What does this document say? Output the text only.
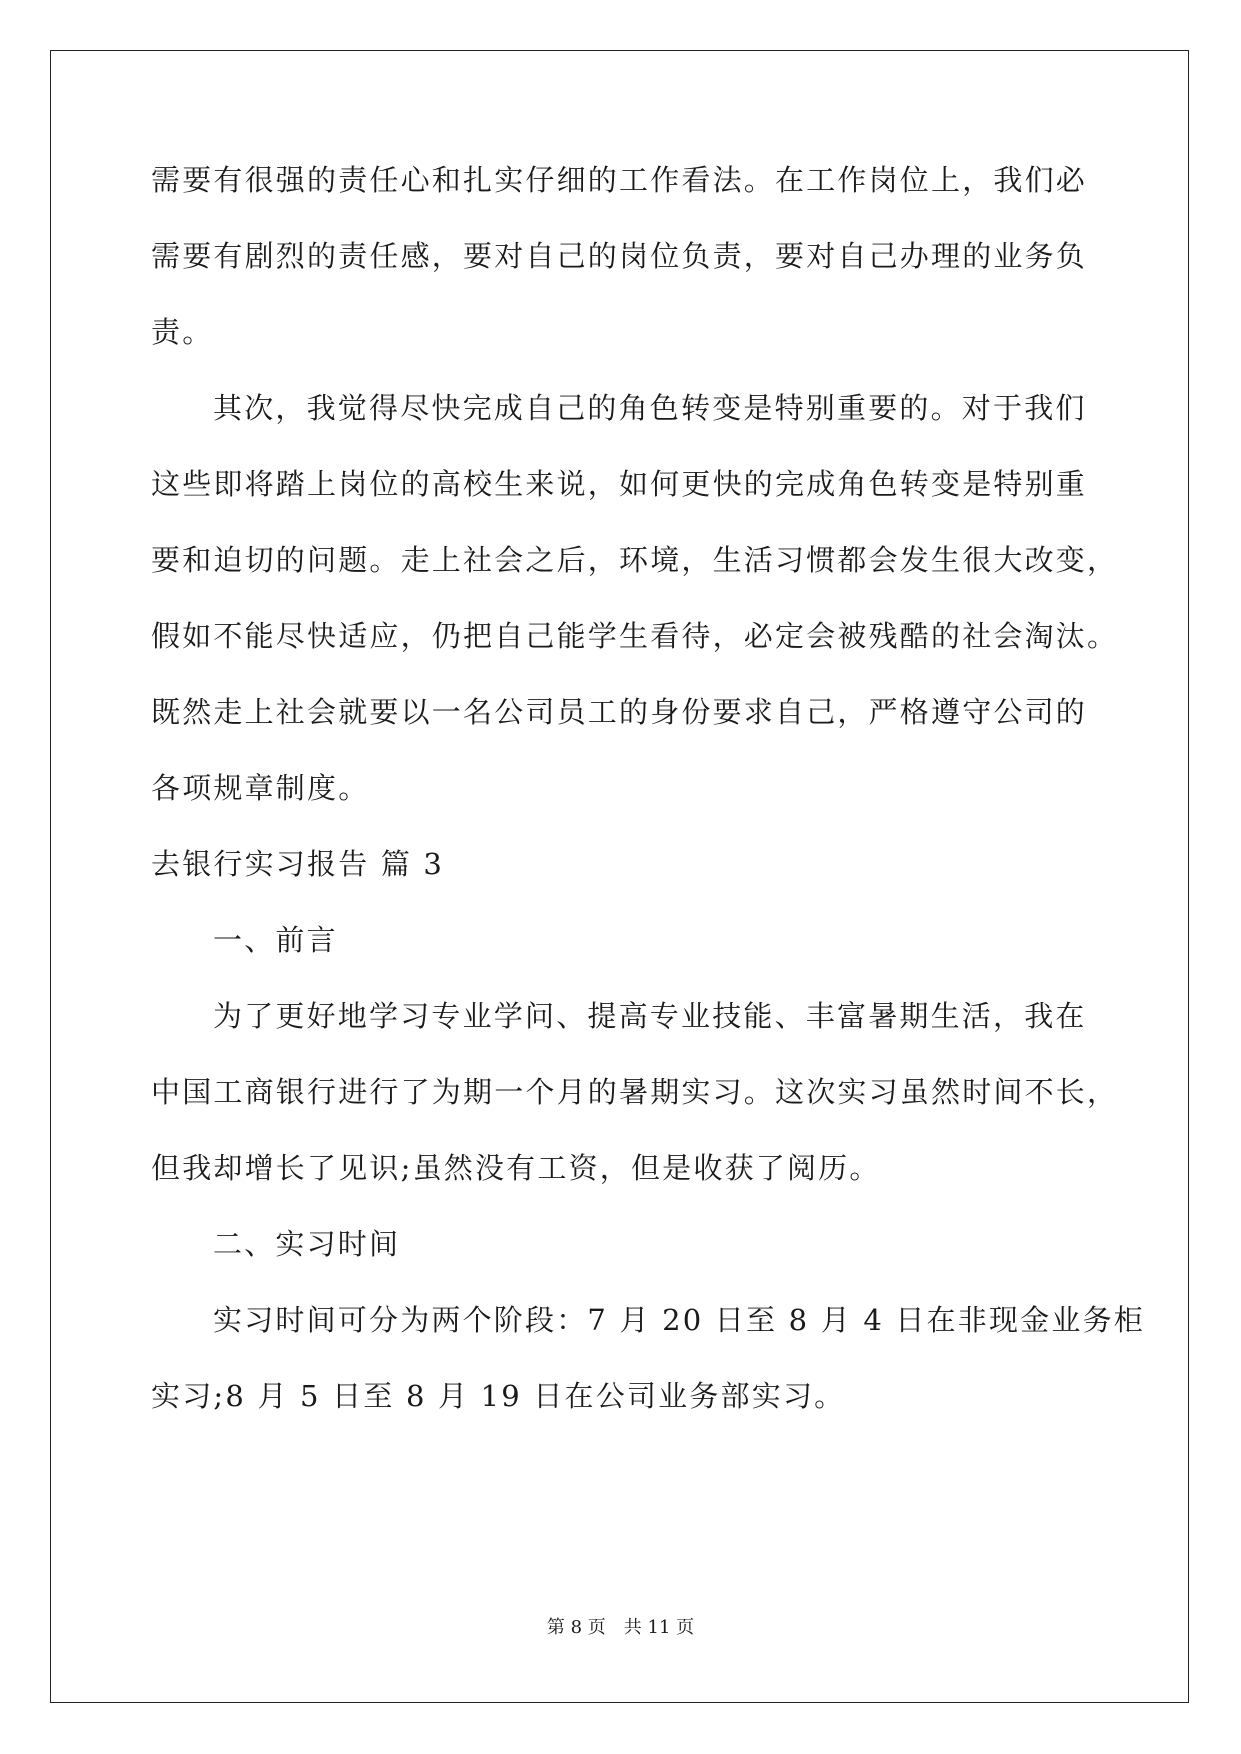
需要有很强的责任心和扎实仔细的工作看法。在工作岗位上，我们必
需要有剧烈的责任感，要对自己的岗位负责，要对自己办理的业务负
责。
其次，我觉得尽快完成自己的角色转变是特别重要的。对于我们
这些即将踏上岗位的高校生来说，如何更快的完成角色转变是特别重
要和迫切的问题。走上社会之后，环境，生活习惯都会发生很大改变，
假如不能尽快适应，仍把自己能学生看待，必定会被残酷的社会淘汰。
既然走上社会就要以一名公司员工的身份要求自己，严格遵守公司的
各项规章制度。
去银行实习报告 篇 3
一、前言
为了更好地学习专业学问、提高专业技能、丰富暑期生活，我在
中国工商银行进行了为期一个月的暑期实习。这次实习虽然时间不长，
但我却增长了见识;虽然没有工资，但是收获了阅历。
二、实习时间
实习时间可分为两个阶段：7 月 20 日至 8 月 4 日在非现金业务柜
实习;8 月 5 日至 8 月 19 日在公司业务部实习。
第 8 页　共 11 页
